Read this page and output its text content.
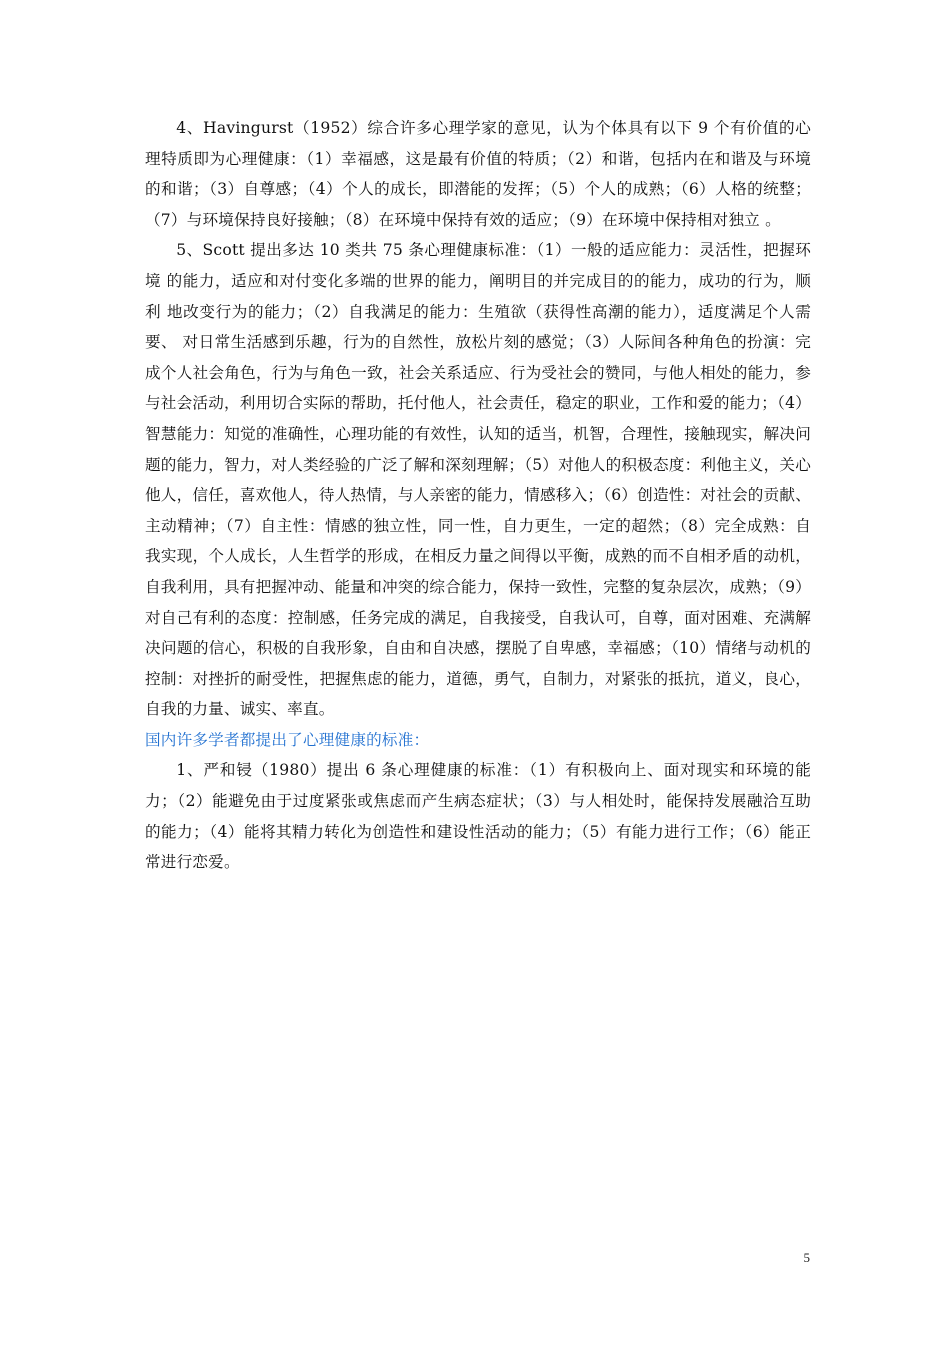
4、Havingurst（1952）综合许多心理学家的意见，认为个体具有以下 9 个有价值的心理特质即为心理健康：（1）幸福感，这是最有价值的特质；（2）和谐，包括内在和谐及与环境的和谐；（3）自尊感；（4）个人的成长，即潜能的发挥；（5）个人的成熟；（6）人格的统整；（7）与环境保持良好接触；（8）在环境中保持有效的适应；（9）在环境中保持相对独立 。

5、Scott 提出多达 10 类共 75 条心理健康标准：（1）一般的适应能力：灵活性，把握环境 的能力，适应和对付变化多端的世界的能力，阐明目的并完成目的的能力，成功的行为，顺利 地改变行为的能力；（2）自我满足的能力：生殖欲（获得性高潮的能力），适度满足个人需要、 对日常生活感到乐趣，行为的自然性，放松片刻的感觉；（3）人际间各种角色的扮演：完成个人社会角色，行为与角色一致，社会关系适应、行为受社会的赞同，与他人相处的能力，参与社会活动，利用切合实际的帮助，托付他人，社会责任，稳定的职业，工作和爱的能力；（4）智慧能力：知觉的准确性，心理功能的有效性，认知的适当，机智，合理性，接触现实，解决问题的能力，智力，对人类经验的广泛了解和深刻理解；（5）对他人的积极态度：利他主义，关心他人，信任，喜欢他人，待人热情，与人亲密的能力，情感移入；（6）创造性：对社会的贡献、主动精神；（7）自主性：情感的独立性，同一性，自力更生，一定的超然；（8）完全成熟：自我实现，个人成长，人生哲学的形成，在相反力量之间得以平衡，成熟的而不自相矛盾的动机，自我利用，具有把握冲动、能量和冲突的综合能力，保持一致性，完整的复杂层次，成熟；（9）对自己有利的态度：控制感，任务完成的满足，自我接受，自我认可，自尊，面对困难、充满解决问题的信心，积极的自我形象，自由和自决感，摆脱了自卑感，幸福感；（10）情绪与动机的控制：对挫折的耐受性，把握焦虑的能力，道德，勇气，自制力，对紧张的抵抗，道义，良心，自我的力量、诚实、率直。

国内许多学者都提出了心理健康的标准：

1、严和锓（1980）提出 6 条心理健康的标准：（1）有积极向上、面对现实和环境的能力；（2）能避免由于过度紧张或焦虑而产生病态症状；（3）与人相处时，能保持发展融洽互助的能力；（4）能将其精力转化为创造性和建设性活动的能力；（5）有能力进行工作；（6）能正常进行恋爱。

5
